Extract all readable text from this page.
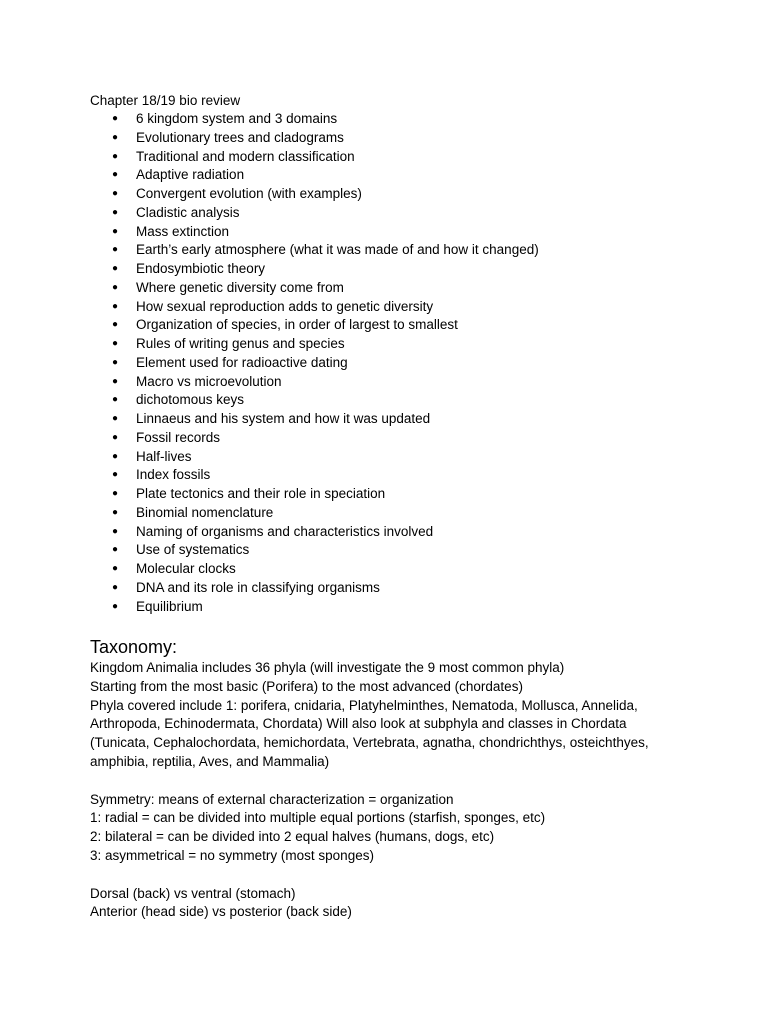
Chapter 18/19 bio review
● 6 kingdom system and 3 domains
● Evolutionary trees and cladograms
● Traditional and modern classification
● Adaptive radiation
● Convergent evolution (with examples)
● Cladistic analysis
● Mass extinction
● Earth’s early atmosphere (what it was made of and how it changed)
● Endosymbiotic theory
● Where genetic diversity come from
● How sexual reproduction adds to genetic diversity
● Organization of species, in order of largest to smallest
● Rules of writing genus and species
● Element used for radioactive dating
● Macro vs microevolution
● dichotomous keys
● Linnaeus and his system and how it was updated
● Fossil records
● Half-lives
● Index fossils
● Plate tectonics and their role in speciation
● Binomial nomenclature
● Naming of organisms and characteristics involved
● Use of systematics
● Molecular clocks
● DNA and its role in classifying organisms
● Equilibrium
Taxonomy:
Kingdom Animalia includes 36 phyla (will investigate the 9 most common phyla)
Starting from the most basic (Porifera) to the most advanced (chordates)
Phyla covered include 1: porifera, cnidaria, Platyhelminthes, Nematoda, Mollusca, Annelida,
Arthropoda, Echinodermata, Chordata) Will also look at subphyla and classes in Chordata
(Tunicata, Cephalochordata, hemichordata, Vertebrata, agnatha, chondrichthys, osteichthyes,
amphibia, reptilia, Aves, and Mammalia)
Symmetry: means of external characterization = organization
1: radial = can be divided into multiple equal portions (starfish, sponges, etc)
2: bilateral = can be divided into 2 equal halves (humans, dogs, etc)
3: asymmetrical = no symmetry (most sponges)
Dorsal (back) vs ventral (stomach)
Anterior (head side) vs posterior (back side)
